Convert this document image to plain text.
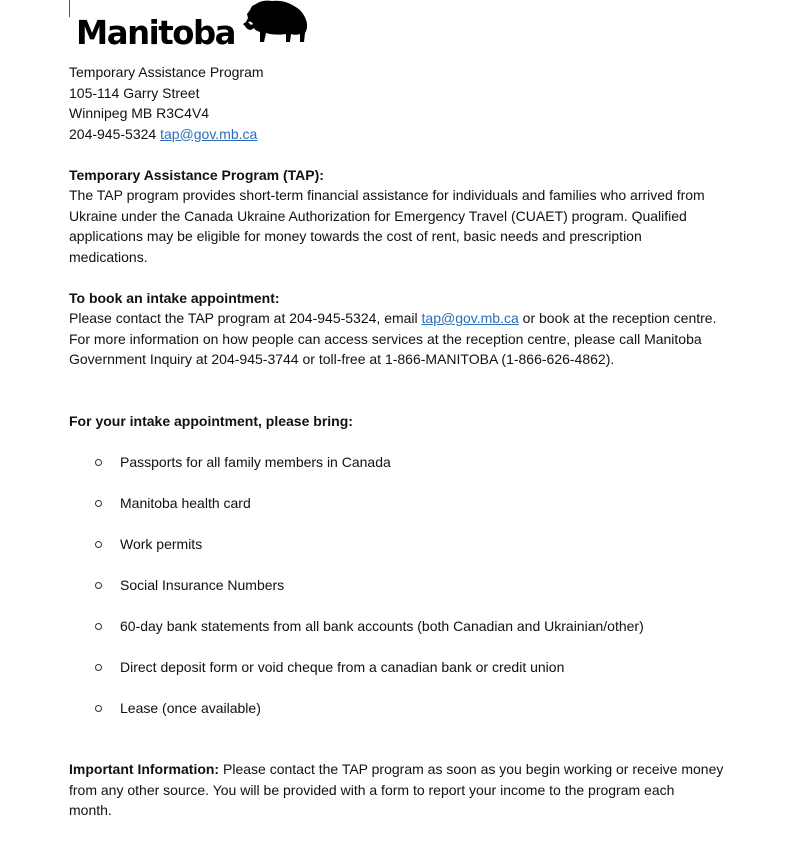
Manitoba
Temporary Assistance Program
105-114 Garry Street
Winnipeg MB R3C4V4
204-945-5324 tap@gov.mb.ca
Temporary Assistance Program (TAP):
The TAP program provides short-term financial assistance for individuals and families who arrived from
Ukraine under the Canada Ukraine Authorization for Emergency Travel (CUAET) program. Qualified
applications may be eligible for money towards the cost of rent, basic needs and prescription
medications.
To book an intake appointment:
Please contact the TAP program at 204-945-5324, email tap@gov.mb.ca or book at the reception centre.
For more information on how people can access services at the reception centre, please call Manitoba
Government Inquiry at 204-945-3744 or toll-free at 1-866-MANITOBA (1-866-626-4862).
For your intake appointment, please bring:
Passports for all family members in Canada
Manitoba health card
Work permits
Social Insurance Numbers
60-day bank statements from all bank accounts (both Canadian and Ukrainian/other)
Direct deposit form or void cheque from a canadian bank or credit union
Lease (once available)
Important Information: Please contact the TAP program as soon as you begin working or receive money
from any other source. You will be provided with a form to report your income to the program each
month.
